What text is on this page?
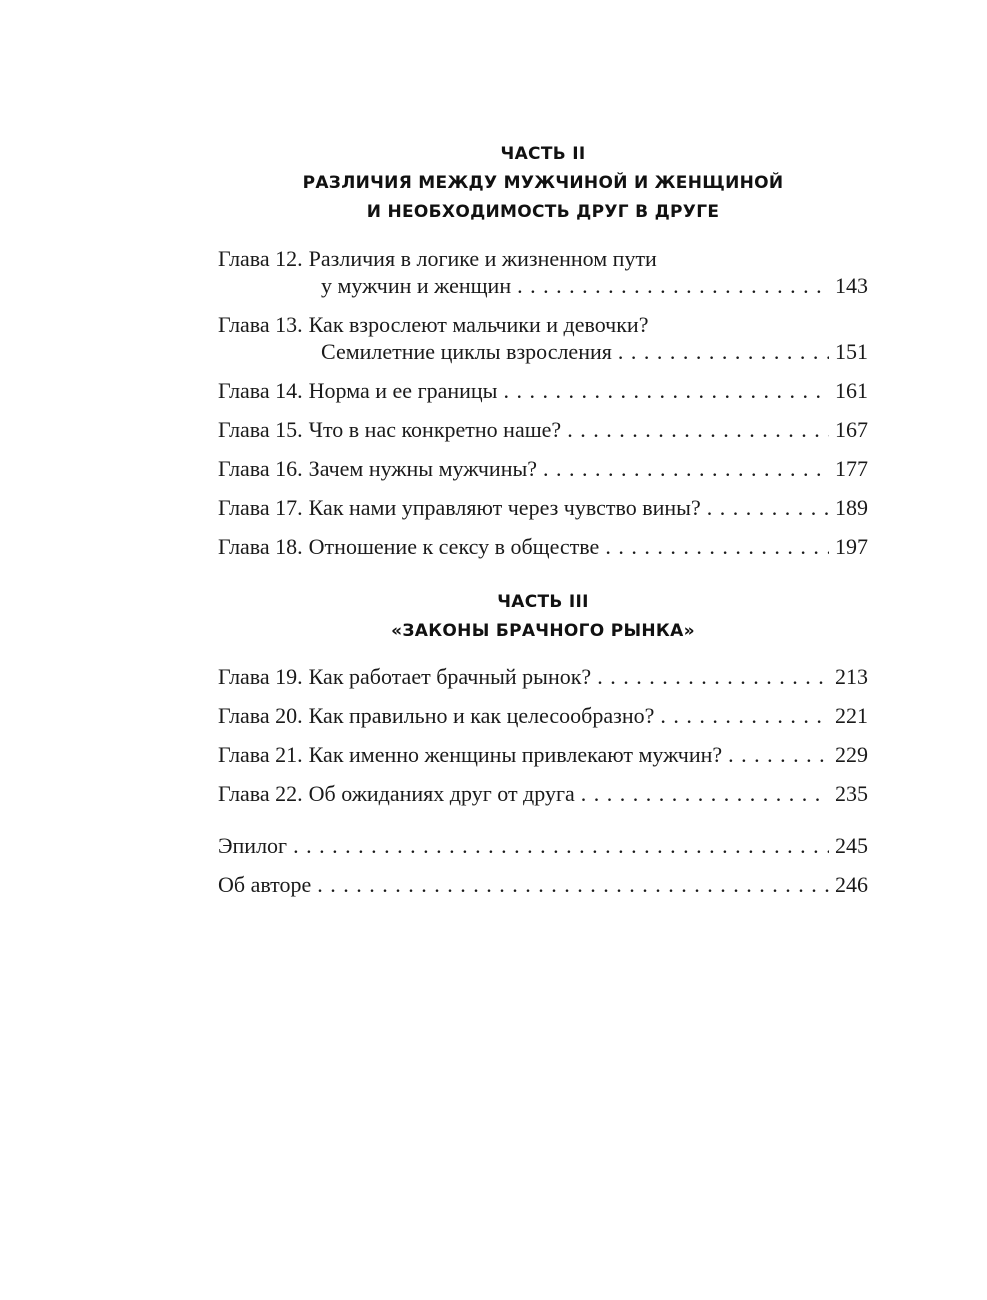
ЧАСТЬ II
РАЗЛИЧИЯ МЕЖДУ МУЖЧИНОЙ И ЖЕНЩИНОЙ
И НЕОБХОДИМОСТЬ ДРУГ В ДРУГЕ
Глава 12. Различия в логике и жизненном пути
у мужчин и женщин . . .	143
Глава 13. Как взрослеют мальчики и девочки?
Семилетние циклы взросления . . .	151
Глава 14. Норма и ее границы . . .	161
Глава 15. Что в нас конкретно наше? . . .	167
Глава 16. Зачем нужны мужчины? . . .	177
Глава 17. Как нами управляют через чувство вины? . . .	189
Глава 18. Отношение к сексу в обществе . . .	197
ЧАСТЬ III
«ЗАКОНЫ БРАЧНОГО РЫНКА»
Глава 19. Как работает брачный рынок? . . .	213
Глава 20. Как правильно и как целесообразно? . . .	221
Глава 21. Как именно женщины привлекают мужчин? . . .	229
Глава 22. Об ожиданиях друг от друга . . .	235
Эпилог . . .	245
Об авторе . . .	246
